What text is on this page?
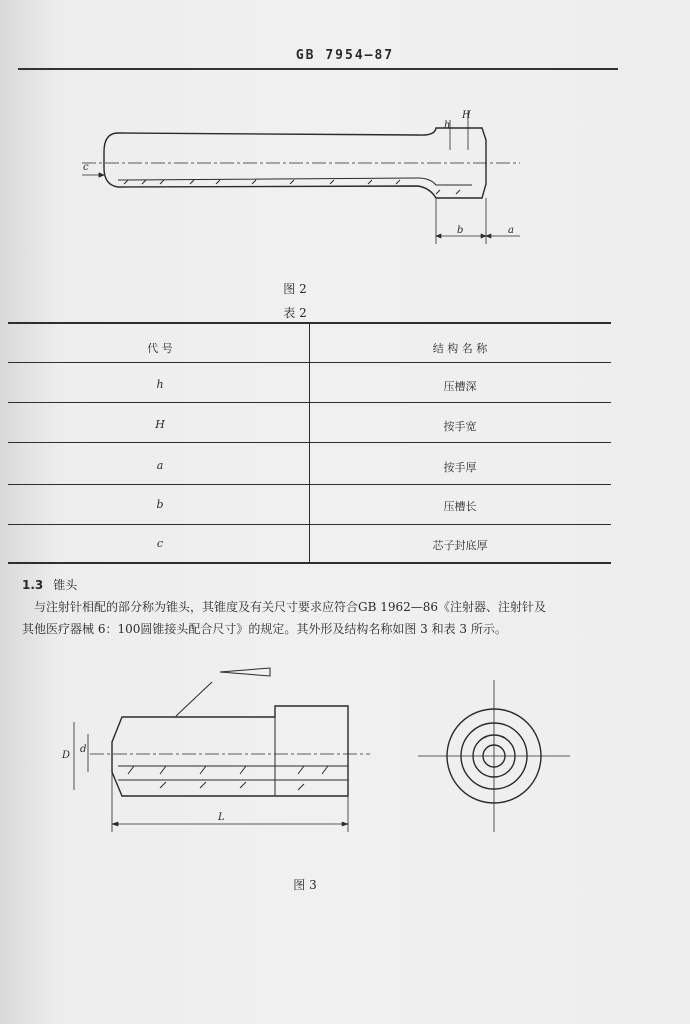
GB 7954—87
h
H
c
b	a
图 2
表 2
代 号	结 构 名 称
h	压槽深
H	按手宽
a	按手厚
b	压槽长
c	芯子封底厚
1.3 锥头

与注射针相配的部分称为锥头，其锥度及有关尺寸要求应符合GB 1962—86《注射器、注射针及

其他医疗器械 6：100圆锥接头配合尺寸》的规定。其外形及结构名称如图 3 和表 3 所示。

D
d
L
图 3
